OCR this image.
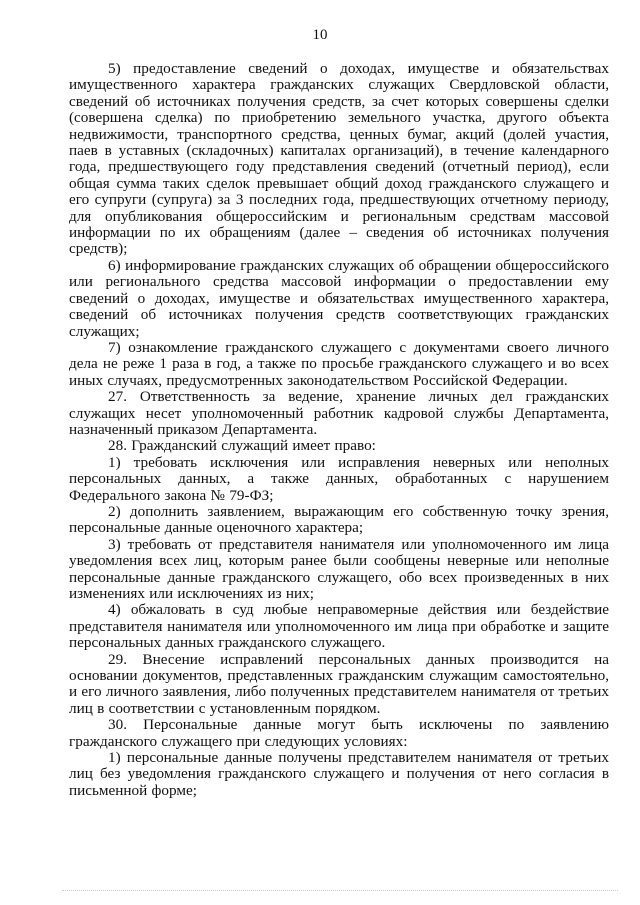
10

5) предоставление сведений о доходах, имуществе и обязательствах имущественного характера гражданских служащих Свердловской области, сведений об источниках получения средств, за счет которых совершены сделки (совершена сделка) по приобретению земельного участка, другого объекта недвижимости, транспортного средства, ценных бумаг, акций (долей участия, паев в уставных (складочных) капиталах организаций), в течение календарного года, предшествующего году представления сведений (отчетный период), если общая сумма таких сделок превышает общий доход гражданского служащего и его супруги (супруга) за 3 последних года, предшествующих отчетному периоду, для опубликования общероссийским и региональным средствам массовой информации по их обращениям (далее – сведения об источниках получения средств);

6) информирование гражданских служащих об обращении общероссийского или регионального средства массовой информации о предоставлении ему сведений о доходах, имуществе и обязательствах имущественного характера, сведений об источниках получения средств соответствующих гражданских служащих;

7) ознакомление гражданского служащего с документами своего личного дела не реже 1 раза в год, а также по просьбе гражданского служащего и во всех иных случаях, предусмотренных законодательством Российской Федерации.

27. Ответственность за ведение, хранение личных дел гражданских служащих несет уполномоченный работник кадровой службы Департамента, назначенный приказом Департамента.

28. Гражданский служащий имеет право:

1) требовать исключения или исправления неверных или неполных персональных данных, а также данных, обработанных с нарушением Федерального закона № 79-ФЗ;

2) дополнить заявлением, выражающим его собственную точку зрения, персональные данные оценочного характера;

3) требовать от представителя нанимателя или уполномоченного им лица уведомления всех лиц, которым ранее были сообщены неверные или неполные персональные данные гражданского служащего, обо всех произведенных в них изменениях или исключениях из них;

4) обжаловать в суд любые неправомерные действия или бездействие представителя нанимателя или уполномоченного им лица при обработке и защите персональных данных гражданского служащего.

29. Внесение исправлений персональных данных производится на основании документов, представленных гражданским служащим самостоятельно, и его личного заявления, либо полученных представителем нанимателя от третьих лиц в соответствии с установленным порядком.

30. Персональные данные могут быть исключены по заявлению гражданского служащего при следующих условиях:

1) персональные данные получены представителем нанимателя от третьих лиц без уведомления гражданского служащего и получения от него согласия в письменной форме;
